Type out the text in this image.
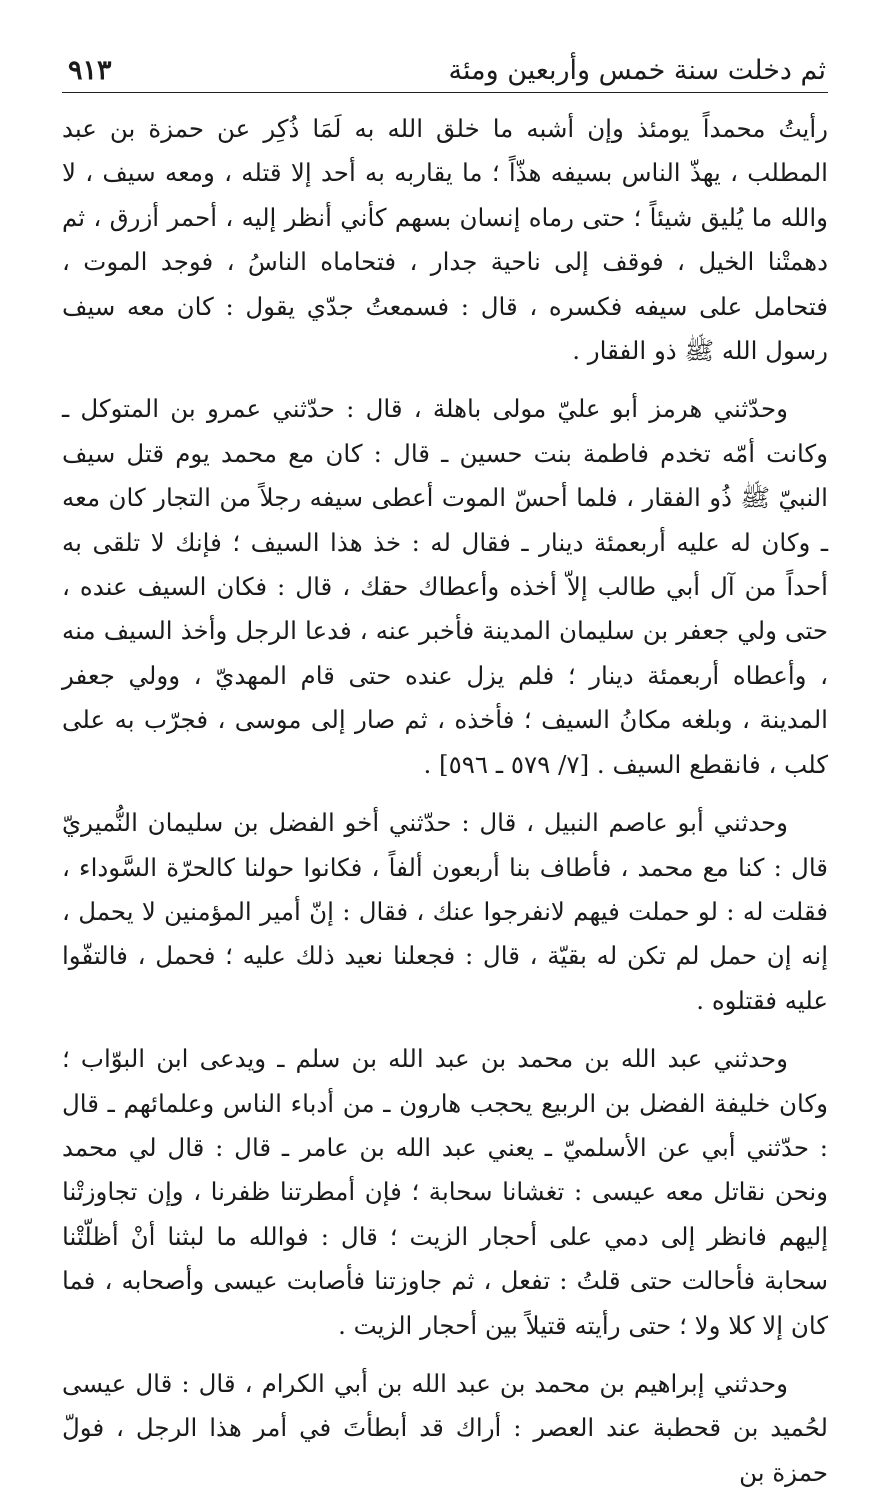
ثم دخلت سنة خمس وأربعين ومئة
٩١٣

رأيتُ محمداً يومئذ وإن أشبه ما خلق الله به لَمَا ذُكِر عن حمزة بن عبد المطلب ، يهذّ الناس بسيفه هذّاً ؛ ما يقاربه به أحد إلا قتله ، ومعه سيف ، لا والله ما يُليق شيئاً ؛ حتى رماه إنسان بسهم كأني أنظر إليه ، أحمر أزرق ، ثم دهمتْنا الخيل ، فوقف إلى ناحية جدار ، فتحاماه الناسُ ، فوجد الموت ، فتحامل على سيفه فكسره ، قال : فسمعتُ جدّي يقول : كان معه سيف رسول الله ﷺ ذو الفقار .

وحدّثني هرمز أبو عليّ مولى باهلة ، قال : حدّثني عمرو بن المتوكل ـ وكانت أمّه تخدم فاطمة بنت حسين ـ قال : كان مع محمد يوم قتل سيف النبيّ ﷺ ذُو الفقار ، فلما أحسّ الموت أعطى سيفه رجلاً من التجار كان معه ـ وكان له عليه أربعمئة دينار ـ فقال له : خذ هذا السيف ؛ فإنك لا تلقى به أحداً من آل أبي طالب إلاّ أخذه وأعطاك حقك ، قال : فكان السيف عنده ، حتى ولي جعفر بن سليمان المدينة فأخبر عنه ، فدعا الرجل وأخذ السيف منه ، وأعطاه أربعمئة دينار ؛ فلم يزل عنده حتى قام المهديّ ، وولي جعفر المدينة ، وبلغه مكانُ السيف ؛ فأخذه ، ثم صار إلى موسى ، فجرّب به على كلب ، فانقطع السيف . [٧/ ٥٧٩ ـ ٥٩٦] .

وحدثني أبو عاصم النبيل ، قال : حدّثني أخو الفضل بن سليمان النُّميريّ قال : كنا مع محمد ، فأطاف بنا أربعون ألفاً ، فكانوا حولنا كالحرّة السَّوداء ، فقلت له : لو حملت فيهم لانفرجوا عنك ، فقال : إنّ أمير المؤمنين لا يحمل ، إنه إن حمل لم تكن له بقيّة ، قال : فجعلنا نعيد ذلك عليه ؛ فحمل ، فالتفّوا عليه فقتلوه .

وحدثني عبد الله بن محمد بن عبد الله بن سلم ـ ويدعى ابن البوّاب ؛ وكان خليفة الفضل بن الربيع يحجب هارون ـ من أدباء الناس وعلمائهم ـ قال : حدّثني أبي عن الأسلميّ ـ يعني عبد الله بن عامر ـ قال : قال لي محمد ونحن نقاتل معه عيسى : تغشانا سحابة ؛ فإن أمطرتنا ظفرنا ، وإن تجاوزتْنا إليهم فانظر إلى دمي على أحجار الزيت ؛ قال : فوالله ما لبثنا أنْ أظلّتْنا سحابة فأحالت حتى قلتُ : تفعل ، ثم جاوزتنا فأصابت عيسى وأصحابه ، فما كان إلا كلا ولا ؛ حتى رأيته قتيلاً بين أحجار الزيت .

وحدثني إبراهيم بن محمد بن عبد الله بن أبي الكرام ، قال : قال عيسى لحُميد بن قحطبة عند العصر : أراك قد أبطأتَ في أمر هذا الرجل ، فولّ حمزة بن
